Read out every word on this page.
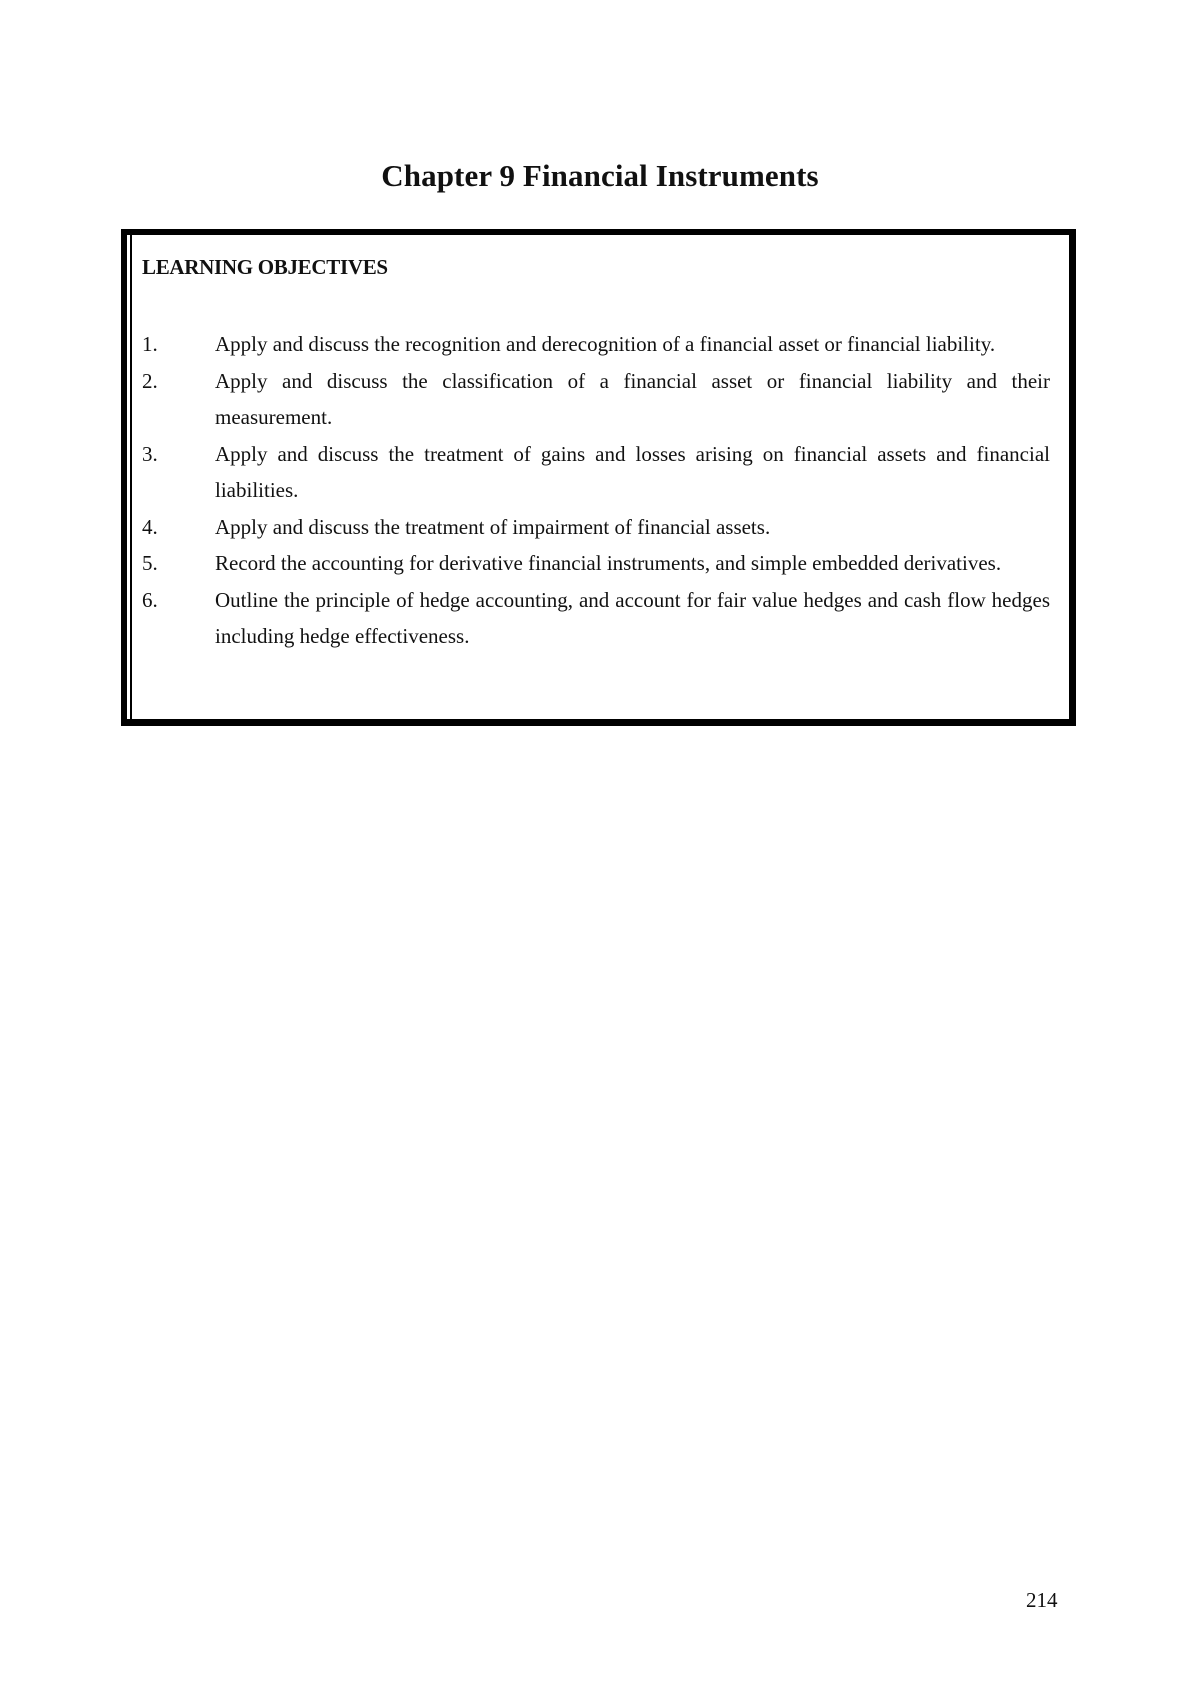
Chapter 9 Financial Instruments
LEARNING OBJECTIVES
1.	Apply and discuss the recognition and derecognition of a financial asset or financial liability.
2.	Apply and discuss the classification of a financial asset or financial liability and their measurement.
3.	Apply and discuss the treatment of gains and losses arising on financial assets and financial liabilities.
4.	Apply and discuss the treatment of impairment of financial assets.
5.	Record the accounting for derivative financial instruments, and simple embedded derivatives.
6.	Outline the principle of hedge accounting, and account for fair value hedges and cash flow hedges including hedge effectiveness.
214
